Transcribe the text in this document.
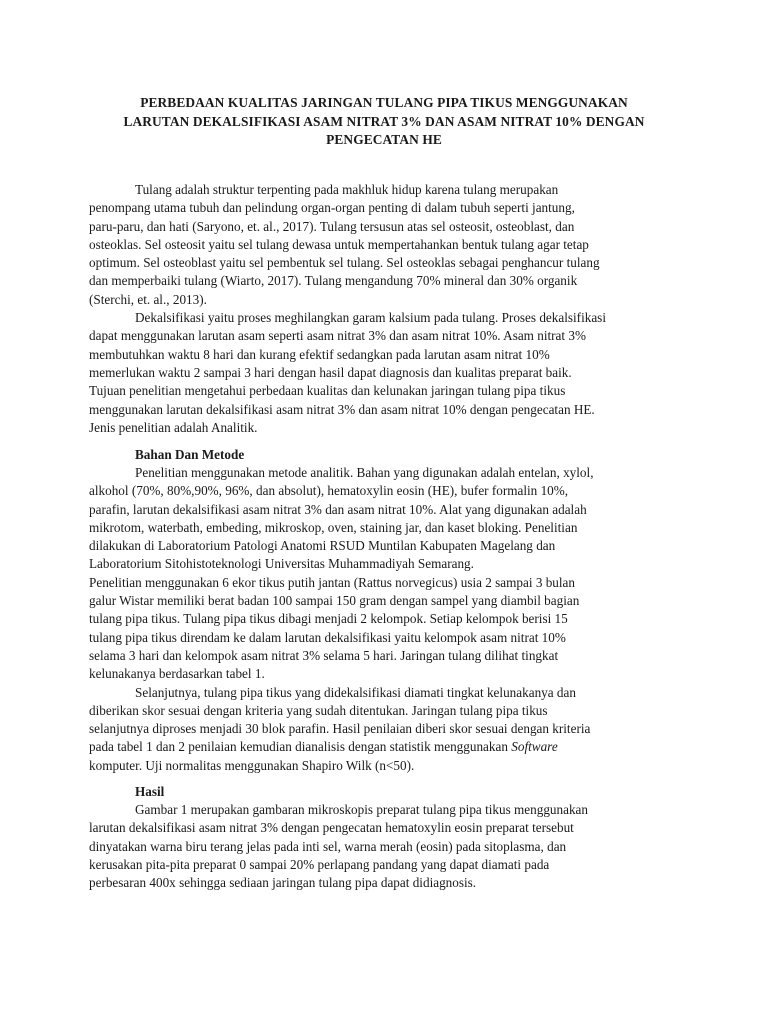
PERBEDAAN KUALITAS JARINGAN TULANG PIPA TIKUS MENGGUNAKAN
LARUTAN DEKALSIFIKASI ASAM NITRAT 3% DAN ASAM NITRAT 10% DENGAN
PENGECATAN HE
Tulang adalah struktur terpenting pada makhluk hidup karena tulang merupakan
penompang utama tubuh dan pelindung organ-organ penting di dalam tubuh seperti jantung,
paru-paru, dan hati (Saryono, et. al., 2017). Tulang tersusun atas sel osteosit, osteoblast, dan
osteoklas. Sel osteosit yaitu sel tulang dewasa untuk mempertahankan bentuk tulang agar tetap
optimum. Sel osteoblast yaitu sel pembentuk sel tulang. Sel osteoklas sebagai penghancur tulang
dan memperbaiki tulang (Wiarto, 2017). Tulang mengandung 70% mineral dan 30% organik
(Sterchi, et. al., 2013).
Dekalsifikasi yaitu proses meghilangkan garam kalsium pada tulang. Proses dekalsifikasi
dapat menggunakan larutan asam seperti asam nitrat 3% dan asam nitrat 10%. Asam nitrat 3%
membutuhkan waktu 8 hari dan kurang efektif sedangkan pada larutan asam nitrat 10%
memerlukan waktu 2 sampai 3 hari dengan hasil dapat diagnosis dan kualitas preparat baik.
Tujuan penelitian mengetahui perbedaan kualitas dan kelunakan jaringan tulang pipa tikus
menggunakan larutan dekalsifikasi asam nitrat 3% dan asam nitrat 10% dengan pengecatan HE.
Jenis penelitian adalah Analitik.
Bahan Dan Metode
Penelitian menggunakan metode analitik. Bahan yang digunakan adalah entelan, xylol,
alkohol (70%, 80%,90%, 96%, dan absolut), hematoxylin eosin (HE), bufer formalin 10%,
parafin, larutan dekalsifikasi asam nitrat 3% dan asam nitrat 10%. Alat yang digunakan adalah
mikrotom, waterbath, embeding, mikroskop, oven, staining jar, dan kaset bloking. Penelitian
dilakukan di Laboratorium Patologi Anatomi RSUD Muntilan Kabupaten Magelang dan
Laboratorium Sitohistoteknologi Universitas Muhammadiyah Semarang.
Penelitian menggunakan 6 ekor tikus putih jantan (Rattus norvegicus) usia 2 sampai 3 bulan
galur Wistar memiliki berat badan 100 sampai 150 gram dengan sampel yang diambil bagian
tulang pipa tikus. Tulang pipa tikus dibagi menjadi 2 kelompok. Setiap kelompok berisi 15
tulang pipa tikus direndam ke dalam larutan dekalsifikasi yaitu kelompok asam nitrat 10%
selama 3 hari dan kelompok asam nitrat 3% selama 5 hari. Jaringan tulang dilihat tingkat
kelunakanya berdasarkan tabel 1.
Selanjutnya, tulang pipa tikus yang didekalsifikasi diamati tingkat kelunakanya dan
diberikan skor sesuai dengan kriteria yang sudah ditentukan. Jaringan tulang pipa tikus
selanjutnya diproses menjadi 30 blok parafin. Hasil penilaian diberi skor sesuai dengan kriteria
pada tabel 1 dan 2 penilaian kemudian dianalisis dengan statistik menggunakan Software
komputer. Uji normalitas menggunakan Shapiro Wilk (n<50).
Hasil
Gambar 1 merupakan gambaran mikroskopis preparat tulang pipa tikus menggunakan
larutan dekalsifikasi asam nitrat 3% dengan pengecatan hematoxylin eosin preparat tersebut
dinyatakan warna biru terang jelas pada inti sel, warna merah (eosin) pada sitoplasma, dan
kerusakan pita-pita preparat 0 sampai 20% perlapang pandang yang dapat diamati pada
perbesaran 400x sehingga sediaan jaringan tulang pipa dapat didiagnosis.
